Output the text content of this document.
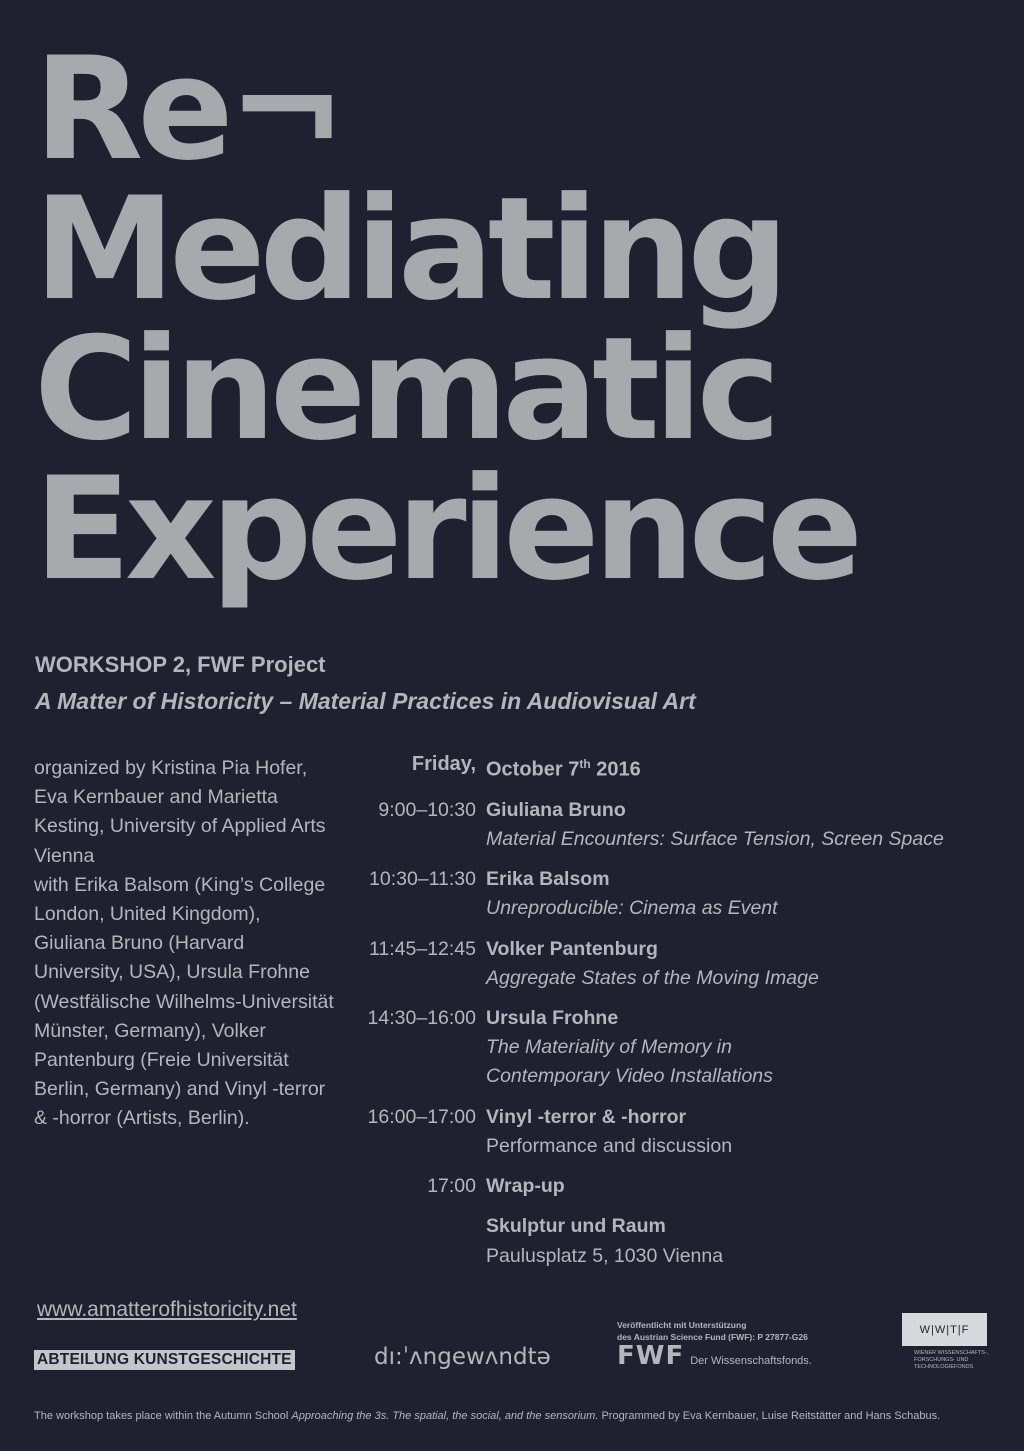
Re¬
Mediating
Cinematic
Experience
WORKSHOP 2, FWF Project
A Matter of Historicity – Material Practices in Audiovisual Art

organized by Kristina Pia Hofer, Eva Kernbauer and Marietta Kesting, University of Applied Arts Vienna

with Erika Balsom (King’s College London, United Kingdom), Giuliana Bruno (Harvard University, USA), Ursula Frohne (Westfälische Wilhelms-Universität Münster, Germany), Volker Pantenburg (Freie Universität Berlin, Germany) and Vinyl -terror & -horror (Artists, Berlin).

Friday, October 7th 2016
9:00–10:30 Giuliana Bruno
Material Encounters: Surface Tension, Screen Space
10:30–11:30 Erika Balsom
Unreproducible: Cinema as Event
11:45–12:45 Volker Pantenburg
Aggregate States of the Moving Image
14:30–16:00 Ursula Frohne
The Materiality of Memory in
Contemporary Video Installations
16:00–17:00 Vinyl -terror & -horror
Performance and discussion
17:00 Wrap-up
Skulptur und Raum
Paulusplatz 5, 1030 Vienna
www.amatterofhistoricity.net
ABTEILUNG KUNSTGESCHICHTE	dı:ˈʌngewʌndtə
Veröffentlicht mit Unterstützung
des Austrian Science Fund (FWF): P 27877-G26
FWF Der Wissenschaftsfonds.
W|W|T|F
WIENER WISSENSCHAFTS-, FORSCHUNGS- UND TECHNOLOGIEFONDS
The workshop takes place within the Autumn School Approaching the 3s. The spatial, the social, and the sensorium. Programmed by Eva Kernbauer, Luise Reitstätter and Hans Schabus.
